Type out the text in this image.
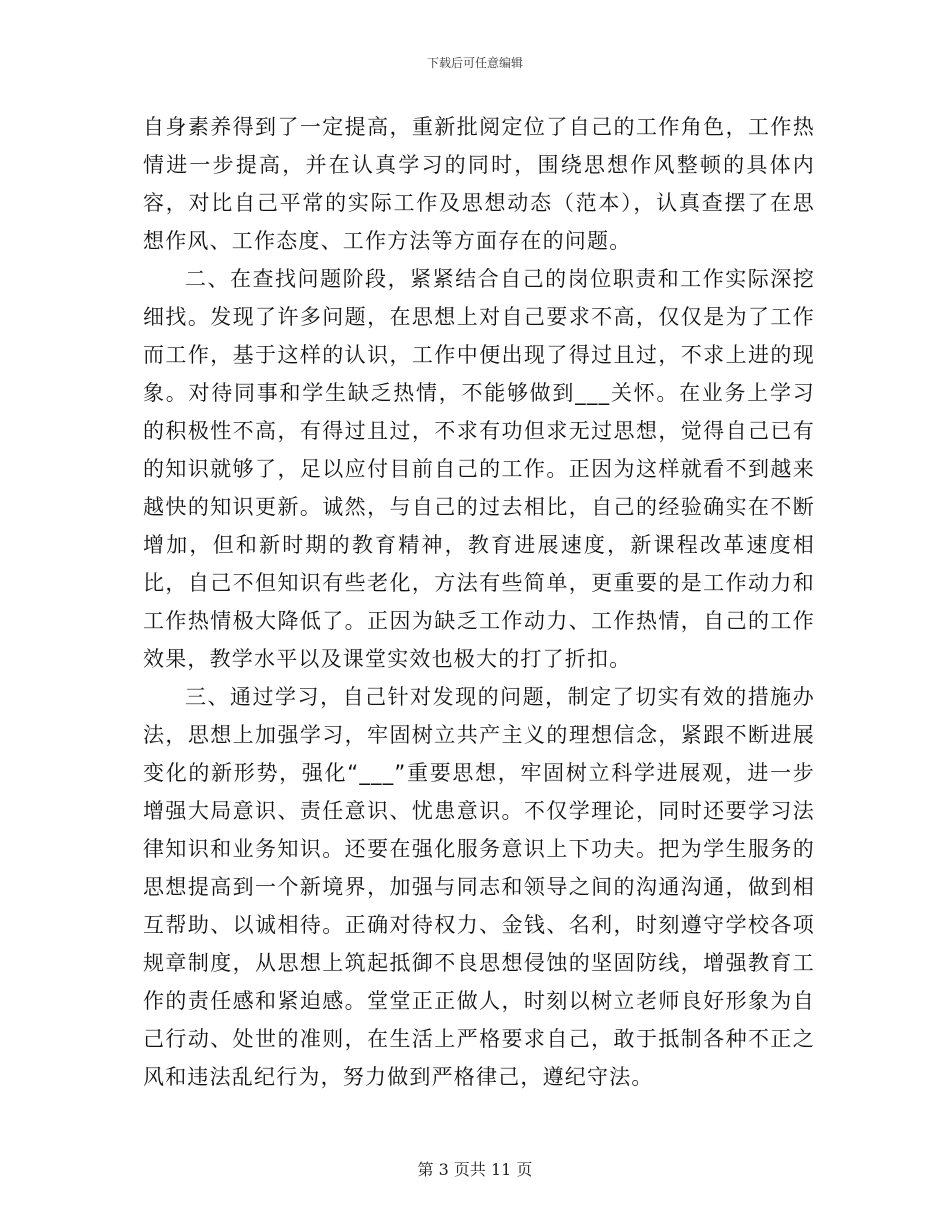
下载后可任意编辑

自身素养得到了一定提高，重新批阅定位了自己的工作角色，工作热情进一步提高，并在认真学习的同时，围绕思想作风整顿的具体内容，对比自己平常的实际工作及思想动态（范本），认真查摆了在思想作风、工作态度、工作方法等方面存在的问题。

二、在查找问题阶段，紧紧结合自己的岗位职责和工作实际深挖细找。发现了许多问题，在思想上对自己要求不高，仅仅是为了工作而工作，基于这样的认识，工作中便出现了得过且过，不求上进的现象。对待同事和学生缺乏热情，不能够做到___关怀。在业务上学习的积极性不高，有得过且过，不求有功但求无过思想，觉得自己已有的知识就够了，足以应付目前自己的工作。正因为这样就看不到越来越快的知识更新。诚然，与自己的过去相比，自己的经验确实在不断增加，但和新时期的教育精神，教育进展速度，新课程改革速度相比，自己不但知识有些老化，方法有些简单，更重要的是工作动力和工作热情极大降低了。正因为缺乏工作动力、工作热情，自己的工作效果，教学水平以及课堂实效也极大的打了折扣。

三、通过学习，自己针对发现的问题，制定了切实有效的措施办法，思想上加强学习，牢固树立共产主义的理想信念，紧跟不断进展变化的新形势，强化“___”重要思想，牢固树立科学进展观，进一步增强大局意识、责任意识、忧患意识。不仅学理论，同时还要学习法律知识和业务知识。还要在强化服务意识上下功夫。把为学生服务的思想提高到一个新境界，加强与同志和领导之间的沟通沟通，做到相互帮助、以诚相待。正确对待权力、金钱、名利，时刻遵守学校各项规章制度，从思想上筑起抵御不良思想侵蚀的坚固防线，增强教育工作的责任感和紧迫感。堂堂正正做人，时刻以树立老师良好形象为自己行动、处世的准则，在生活上严格要求自己，敢于抵制各种不正之风和违法乱纪行为，努力做到严格律己，遵纪守法。

第 3 页共 11 页
